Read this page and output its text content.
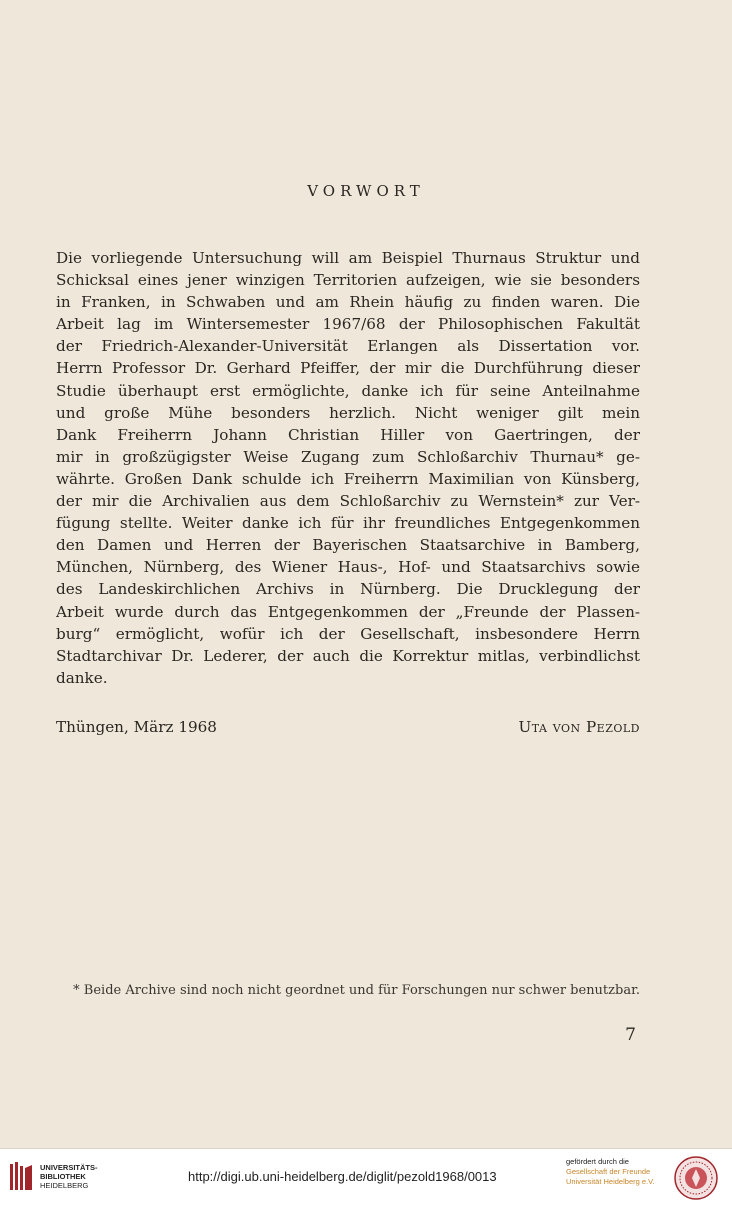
VORWORT
Die vorliegende Untersuchung will am Beispiel Thurnaus Struktur und
Schicksal eines jener winzigen Territorien aufzeigen, wie sie besonders
in Franken, in Schwaben und am Rhein häufig zu finden waren. Die
Arbeit lag im Wintersemester 1967/68 der Philosophischen Fakultät
der Friedrich-Alexander-Universität Erlangen als Dissertation vor.
Herrn Professor Dr. Gerhard Pfeiffer, der mir die Durchführung dieser
Studie überhaupt erst ermöglichte, danke ich für seine Anteilnahme
und große Mühe besonders herzlich. Nicht weniger gilt mein
Dank Freiherrn Johann Christian Hiller von Gaertringen, der
mir in großzügigster Weise Zugang zum Schloßarchiv Thurnau* ge-
währte. Großen Dank schulde ich Freiherrn Maximilian von Künsberg,
der mir die Archivalien aus dem Schloßarchiv zu Wernstein* zur Ver-
fügung stellte. Weiter danke ich für ihr freundliches Entgegenkommen
den Damen und Herren der Bayerischen Staatsarchive in Bamberg,
München, Nürnberg, des Wiener Haus-, Hof- und Staatsarchivs sowie
des Landeskirchlichen Archivs in Nürnberg. Die Drucklegung der
Arbeit wurde durch das Entgegenkommen der „Freunde der Plassen-
burg“ ermöglicht, wofür ich der Gesellschaft, insbesondere Herrn
Stadtarchivar Dr. Lederer, der auch die Korrektur mitlas, verbindlichst
danke.
Thüngen, März 1968	Uta von Pezold
* Beide Archive sind noch nicht geordnet und für Forschungen nur schwer benutzbar.
7
UNIVERSITÄTS-
BIBLIOTHEK
HEIDELBERG
http://digi.ub.uni-heidelberg.de/diglit/pezold1968/0013
gefördert durch die
Gesellschaft der Freunde
Universität Heidelberg e.V.
